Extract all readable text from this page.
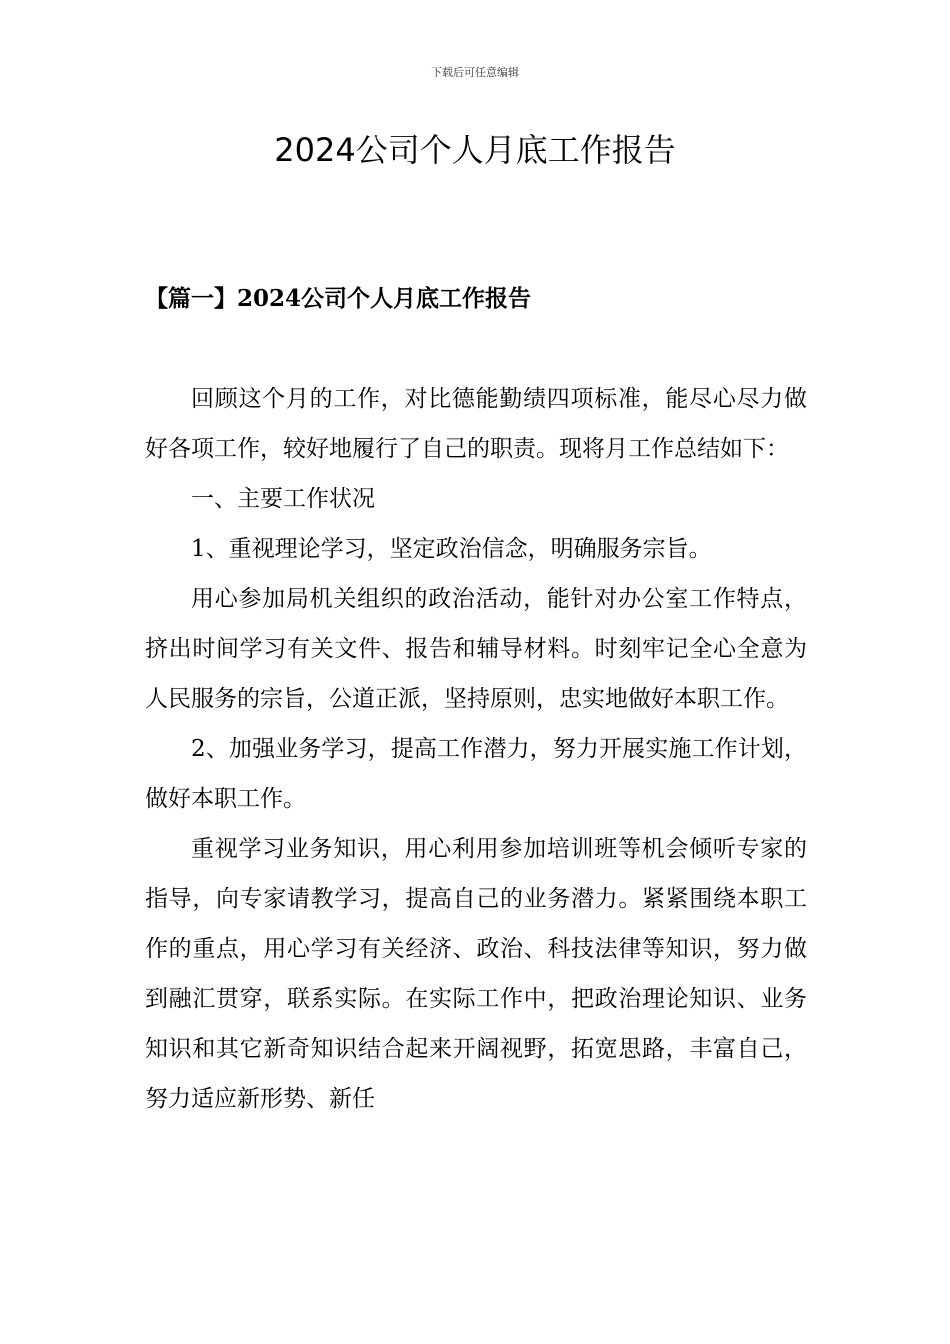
下载后可任意编辑
2024公司个人月底工作报告
【篇一】2024公司个人月底工作报告

回顾这个月的工作，对比德能勤绩四项标准，能尽心尽力做好各项工作，较好地履行了自己的职责。现将月工作总结如下：

一、主要工作状况

1、重视理论学习，坚定政治信念，明确服务宗旨。

用心参加局机关组织的政治活动，能针对办公室工作特点，挤出时间学习有关文件、报告和辅导材料。时刻牢记全心全意为人民服务的宗旨，公道正派，坚持原则，忠实地做好本职工作。

2、加强业务学习，提高工作潜力，努力开展实施工作计划，做好本职工作。

重视学习业务知识，用心利用参加培训班等机会倾听专家的指导，向专家请教学习，提高自己的业务潜力。紧紧围绕本职工作的重点，用心学习有关经济、政治、科技法律等知识，努力做到融汇贯穿，联系实际。在实际工作中，把政治理论知识、业务知识和其它新奇知识结合起来开阔视野，拓宽思路，丰富自己，努力适应新形势、新任
